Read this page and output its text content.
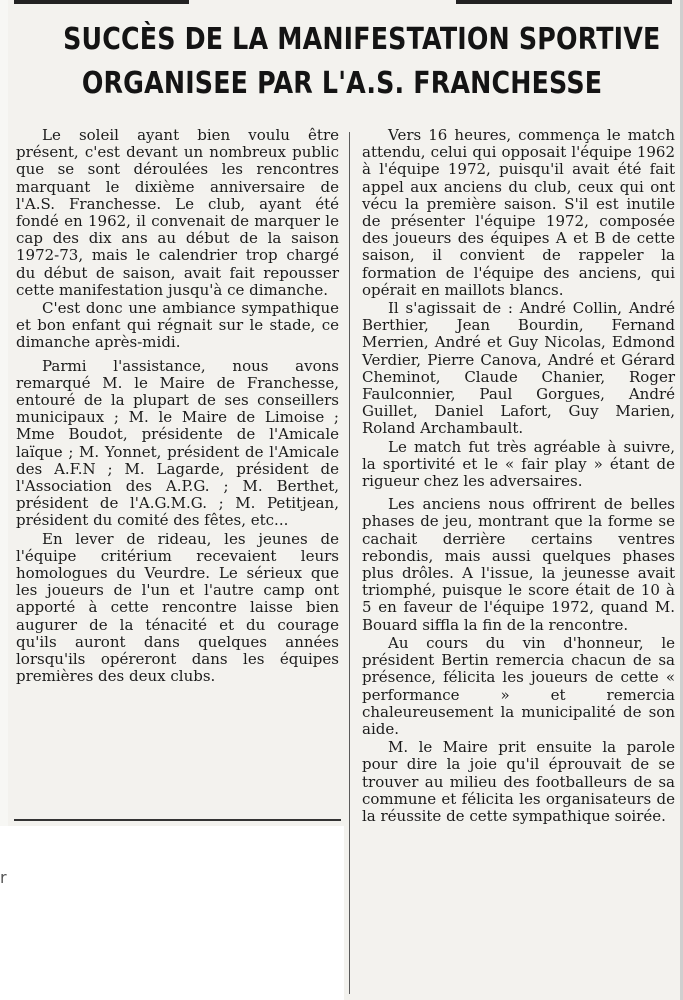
SUCCÈS DE LA MANIFESTATION SPORTIVE
ORGANISEE PAR L'A.S. FRANCHESSE

Le soleil ayant bien voulu être présent, c'est devant un nombreux public que se sont déroulées les rencontres marquant le dixième anniversaire de l'A.S. Franchesse. Le club, ayant été fondé en 1962, il convenait de marquer le cap des dix ans au début de la saison 1972-73, mais le calendrier trop chargé du début de saison, avait fait repousser cette manifestation jusqu'à ce dimanche.

C'est donc une ambiance sympathique et bon enfant qui régnait sur le stade, ce dimanche après-midi.

Parmi l'assistance, nous avons remarqué M. le Maire de Franchesse, entouré de la plupart de ses conseillers municipaux ; M. le Maire de Limoise ; Mme Boudot, présidente de l'Amicale laïque ; M. Yonnet, président de l'Amicale des A.F.N ; M. Lagarde, président de l'Association des A.P.G. ; M. Berthet, président de l'A.G.M.G. ; M. Petitjean, président du comité des fêtes, etc...

En lever de rideau, les jeunes de l'équipe critérium recevaient leurs homologues du Veurdre. Le sérieux que les joueurs de l'un et l'autre camp ont apporté à cette rencontre laisse bien augurer de la ténacité et du courage qu'ils auront dans quelques années lorsqu'ils opéreront dans les équipes premières des deux clubs.

Vers 16 heures, commença le match attendu, celui qui opposait l'équipe 1962 à l'équipe 1972, puisqu'il avait été fait appel aux anciens du club, ceux qui ont vécu la première saison. S'il est inutile de présenter l'équipe 1972, composée des joueurs des équipes A et B de cette saison, il convient de rappeler la formation de l'équipe des anciens, qui opérait en maillots blancs.

Il s'agissait de : André Collin, André Berthier, Jean Bourdin, Fernand Merrien, André et Guy Nicolas, Edmond Verdier, Pierre Canova, André et Gérard Cheminot, Claude Chanier, Roger Faulconnier, Paul Gorgues, André Guillet, Daniel Lafort, Guy Marien, Roland Archambault.

Le match fut très agréable à suivre, la sportivité et le « fair play » étant de rigueur chez les adversaires.

Les anciens nous offrirent de belles phases de jeu, montrant que la forme se cachait derrière certains ventres rebondis, mais aussi quelques phases plus drôles. A l'issue, la jeunesse avait triomphé, puisque le score était de 10 à 5 en faveur de l'équipe 1972, quand M. Bouard siffla la fin de la rencontre.

Au cours du vin d'honneur, le président Bertin remercia chacun de sa présence, félicita les joueurs de cette « performance » et remercia chaleureusement la municipalité de son aide.

M. le Maire prit ensuite la parole pour dire la joie qu'il éprouvait de se trouver au milieu des footballeurs de sa commune et félicita les organisateurs de la réussite de cette sympathique soirée.

r
